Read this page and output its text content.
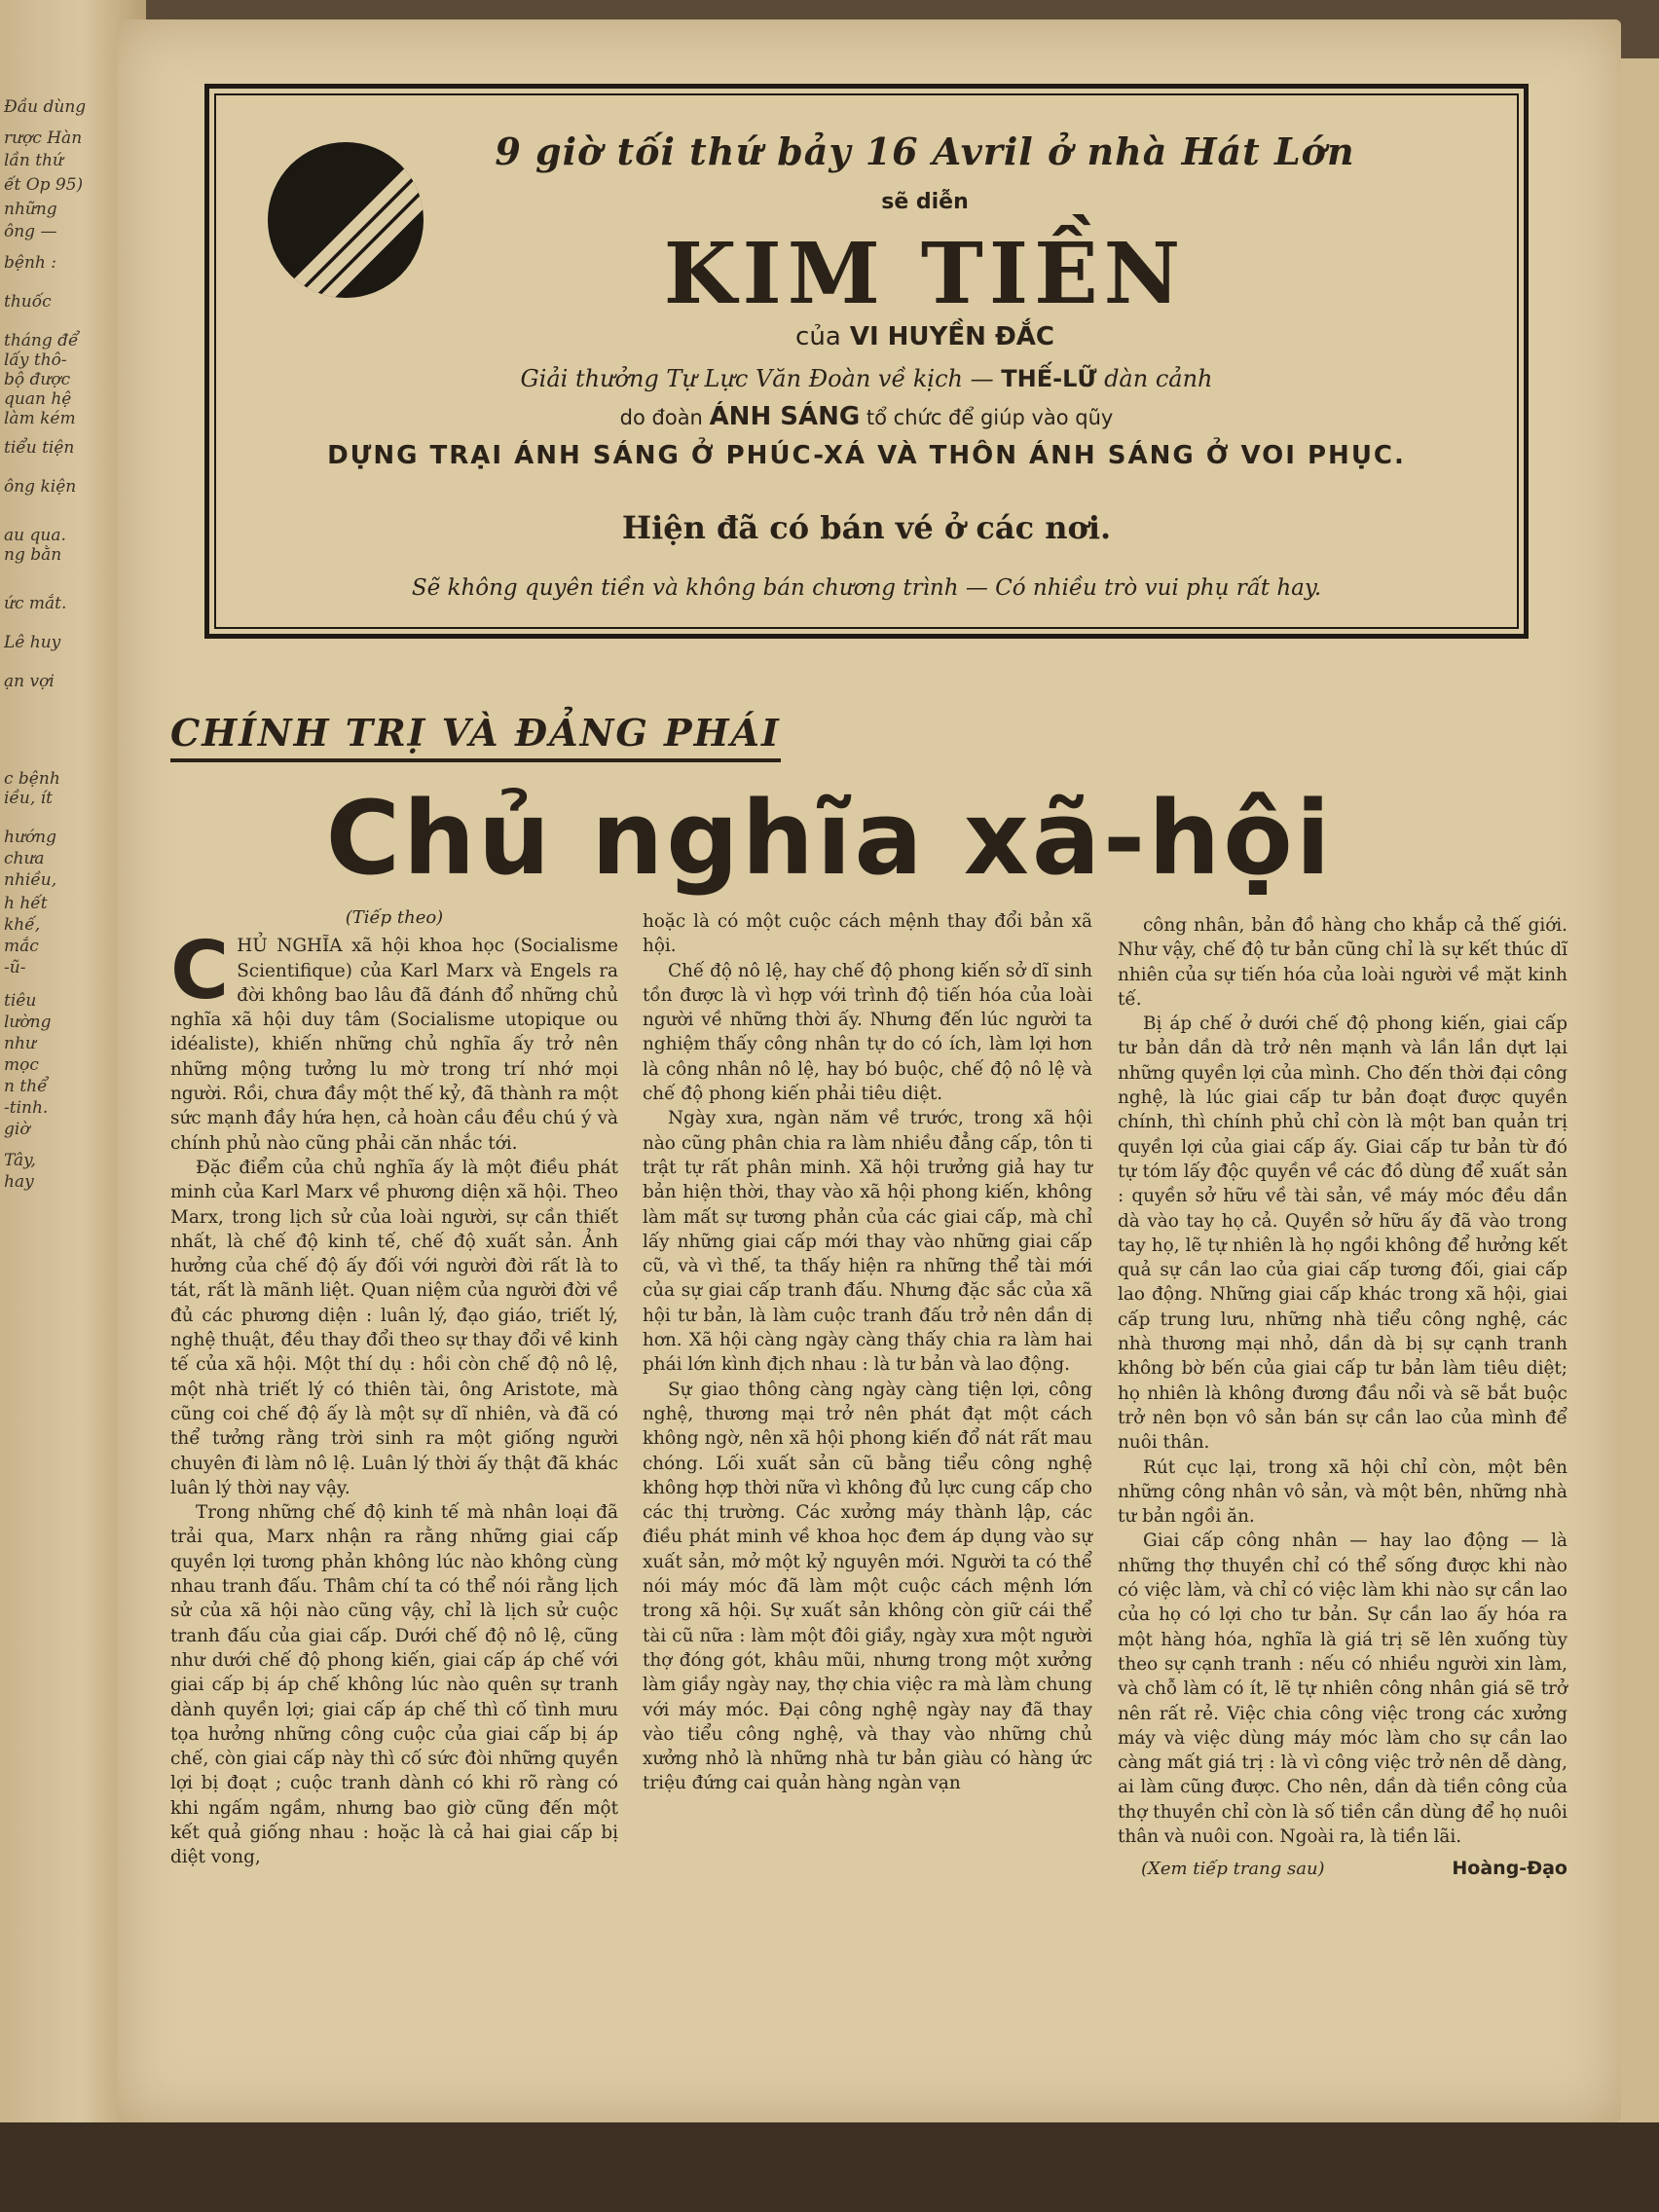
Đầu dùng
rược Hàn
lần thứ
ết Op 95)
những
ông —
bệnh :
thuốc
tháng để
lấy thô-
bộ được
quan hệ
làm kém
tiểu tiện
ông kiện
au qua.
ng bằn
ức mắt.
Lê huy
ạn vợi
c bệnh
iều, ít
hướng
chưa
nhiều,
h hết
khế,
mắc
-ũ-
tiêu
lường
như
mọc
n thể
-tinh.
giờ
Tây,
hay
9 giờ tối thứ bảy 16 Avril ở nhà Hát Lớn
sẽ diễn
KIM TIỀN
của VI HUYỀN ĐẮC
Giải thưởng Tự Lực Văn Đoàn về kịch — THẾ-LỮ dàn cảnh
do đoàn ÁNH SÁNG tổ chức để giúp vào qũy
DỰNG TRẠI ÁNH SÁNG Ở PHÚC-XÁ VÀ THÔN ÁNH SÁNG Ở VOI PHỤC.
Hiện đã có bán vé ở các nơi.
Sẽ không quyên tiền và không bán chương trình — Có nhiều trò vui phụ rất hay.
CHÍNH TRỊ VÀ ĐẢNG PHÁI
Chủ nghĩa xã-hội
(Tiếp theo)
C HỦ NGHĨA xã hội khoa học (Socialisme Scientifique) của Karl Marx và Engels ra đời không bao lâu đã đánh đổ những chủ nghĩa xã hội duy tâm (Socialisme utopique ou idéaliste), khiến những chủ nghĩa ấy trở nên những mộng tưởng lu mờ trong trí nhớ mọi người. Rồi, chưa đầy một thế kỷ, đã thành ra một sức mạnh đầy hứa hẹn, cả hoàn cầu đều chú ý và chính phủ nào cũng phải căn nhắc tới.

Đặc điểm của chủ nghĩa ấy là một điều phát minh của Karl Marx về phương diện xã hội. Theo Marx, trong lịch sử của loài người, sự cần thiết nhất, là chế độ kinh tế, chế độ xuất sản. Ảnh hưởng của chế độ ấy đối với người đời rất là to tát, rất là mãnh liệt. Quan niệm của người đời về đủ các phương diện : luân lý, đạo giáo, triết lý, nghệ thuật, đều thay đổi theo sự thay đổi về kinh tế của xã hội. Một thí dụ : hồi còn chế độ nô lệ, một nhà triết lý có thiên tài, ông Aristote, mà cũng coi chế độ ấy là một sự dĩ nhiên, và đã có thể tưởng rằng trời sinh ra một giống người chuyên đi làm nô lệ. Luân lý thời ấy thật đã khác luân lý thời nay vậy.

Trong những chế độ kinh tế mà nhân loại đã trải qua, Marx nhận ra rằng những giai cấp quyền lợi tương phản không lúc nào không cùng nhau tranh đấu. Thâm chí ta có thể nói rằng lịch sử của xã hội nào cũng vậy, chỉ là lịch sử cuộc tranh đấu của giai cấp. Dưới chế độ nô lệ, cũng như dưới chế độ phong kiến, giai cấp áp chế với giai cấp bị áp chế không lúc nào quên sự tranh dành quyền lợi; giai cấp áp chế thì cố tình mưu tọa hưởng những công cuộc của giai cấp bị áp chế, còn giai cấp này thì cố sức đòi những quyền lợi bị đoạt ; cuộc tranh dành có khi rõ ràng có khi ngấm ngầm, nhưng bao giờ cũng đến một kết quả giống nhau : hoặc là cả hai giai cấp bị diệt vong,

hoặc là có một cuộc cách mệnh thay đổi bản xã hội.

Chế độ nô lệ, hay chế độ phong kiến sở dĩ sinh tồn được là vì hợp với trình độ tiến hóa của loài người về những thời ấy. Nhưng đến lúc người ta nghiệm thấy công nhân tự do có ích, làm lợi hơn là công nhân nô lệ, hay bó buộc, chế độ nô lệ và chế độ phong kiến phải tiêu diệt.

Ngày xưa, ngàn năm về trước, trong xã hội nào cũng phân chia ra làm nhiều đẳng cấp, tôn ti trật tự rất phân minh. Xã hội trưởng giả hay tư bản hiện thời, thay vào xã hội phong kiến, không làm mất sự tương phản của các giai cấp, mà chỉ lấy những giai cấp mới thay vào những giai cấp cũ, và vì thế, ta thấy hiện ra những thể tài mới của sự giai cấp tranh đấu. Nhưng đặc sắc của xã hội tư bản, là làm cuộc tranh đấu trở nên dần dị hơn. Xã hội càng ngày càng thấy chia ra làm hai phái lớn kình địch nhau : là tư bản và lao động.

Sự giao thông càng ngày càng tiện lợi, công nghệ, thương mại trở nên phát đạt một cách không ngờ, nên xã hội phong kiến đổ nát rất mau chóng. Lối xuất sản cũ bằng tiểu công nghệ không hợp thời nữa vì không đủ lực cung cấp cho các thị trường. Các xưởng máy thành lập, các điều phát minh về khoa học đem áp dụng vào sự xuất sản, mở một kỷ nguyên mới. Người ta có thể nói máy móc đã làm một cuộc cách mệnh lớn trong xã hội. Sự xuất sản không còn giữ cái thể tài cũ nữa : làm một đôi giầy, ngày xưa một người thợ đóng gót, khâu mũi, nhưng trong một xưởng làm giầy ngày nay, thợ chia việc ra mà làm chung với máy móc. Đại công nghệ ngày nay đã thay vào tiểu công nghệ, và thay vào những chủ xưởng nhỏ là những nhà tư bản giàu có hàng ức triệu đứng cai quản hàng ngàn vạn

công nhân, bản đồ hàng cho khắp cả thế giới. Như vậy, chế độ tư bản cũng chỉ là sự kết thúc dĩ nhiên của sự tiến hóa của loài người về mặt kinh tế.

Bị áp chế ở dưới chế độ phong kiến, giai cấp tư bản dần dà trở nên mạnh và lần lần dựt lại những quyền lợi của mình. Cho đến thời đại công nghệ, là lúc giai cấp tư bản đoạt được quyền chính, thì chính phủ chỉ còn là một ban quản trị quyền lợi của giai cấp ấy. Giai cấp tư bản từ đó tự tóm lấy độc quyền về các đồ dùng để xuất sản : quyền sở hữu về tài sản, về máy móc đều dần dà vào tay họ cả. Quyền sở hữu ấy đã vào trong tay họ, lẽ tự nhiên là họ ngồi không để hưởng kết quả sự cần lao của giai cấp tương đối, giai cấp lao động. Những giai cấp khác trong xã hội, giai cấp trung lưu, những nhà tiểu công nghệ, các nhà thương mại nhỏ, dần dà bị sự cạnh tranh không bờ bến của giai cấp tư bản làm tiêu diệt; họ nhiên là không đương đầu nổi và sẽ bắt buộc trở nên bọn vô sản bán sự cần lao của mình để nuôi thân.

Rút cục lại, trong xã hội chỉ còn, một bên những công nhân vô sản, và một bên, những nhà tư bản ngồi ăn.

Giai cấp công nhân — hay lao động — là những thợ thuyền chỉ có thể sống được khi nào có việc làm, và chỉ có việc làm khi nào sự cần lao của họ có lợi cho tư bản. Sự cần lao ấy hóa ra một hàng hóa, nghĩa là giá trị sẽ lên xuống tùy theo sự cạnh tranh : nếu có nhiều người xin làm, và chỗ làm có ít, lẽ tự nhiên công nhân giá sẽ trở nên rất rẻ. Việc chia công việc trong các xưởng máy và việc dùng máy móc làm cho sự cần lao càng mất giá trị : là vì công việc trở nên dễ dàng, ai làm cũng được. Cho nên, dần dà tiền công của thợ thuyền chỉ còn là số tiền cần dùng để họ nuôi thân và nuôi con. Ngoài ra, là tiền lãi.

(Xem tiếp trang sau)	Hoàng-Đạo
